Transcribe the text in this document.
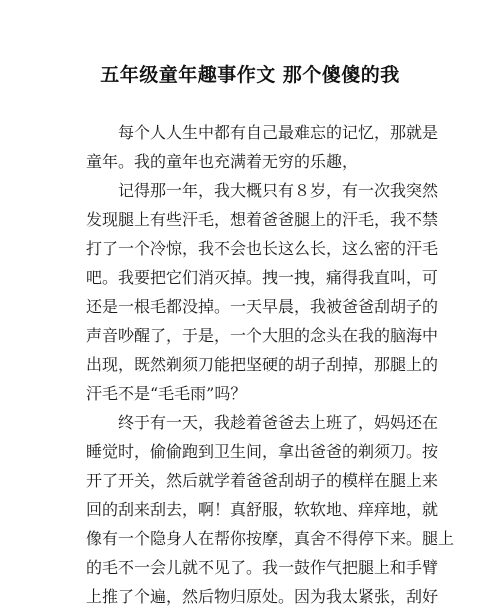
五年级童年趣事作文 那个傻傻的我
　　每个人人生中都有自己最难忘的记忆，那就是
童年。我的童年也充满着无穷的乐趣，
　　记得那一年，我大概只有８岁，有一次我突然
发现腿上有些汗毛，想着爸爸腿上的汗毛，我不禁
打了一个冷惊，我不会也长这么长，这么密的汗毛
吧。我要把它们消灭掉。拽一拽，痛得我直叫，可
还是一根毛都没掉。一天早晨，我被爸爸刮胡子的
声音吵醒了，于是，一个大胆的念头在我的脑海中
出现，既然剃须刀能把坚硬的胡子刮掉，那腿上的
汗毛不是“毛毛雨”吗？
　　终于有一天，我趁着爸爸去上班了，妈妈还在
睡觉时，偷偷跑到卫生间，拿出爸爸的剃须刀。按
开了开关，然后就学着爸爸刮胡子的模样在腿上来
回的刮来刮去，啊！真舒服，软软地、痒痒地，就
像有一个隐身人在帮你按摩，真舍不得停下来。腿上
的毛不一会儿就不见了。我一鼓作气把腿上和手臂
上推了个遍，然后物归原处。因为我太紧张，刮好
